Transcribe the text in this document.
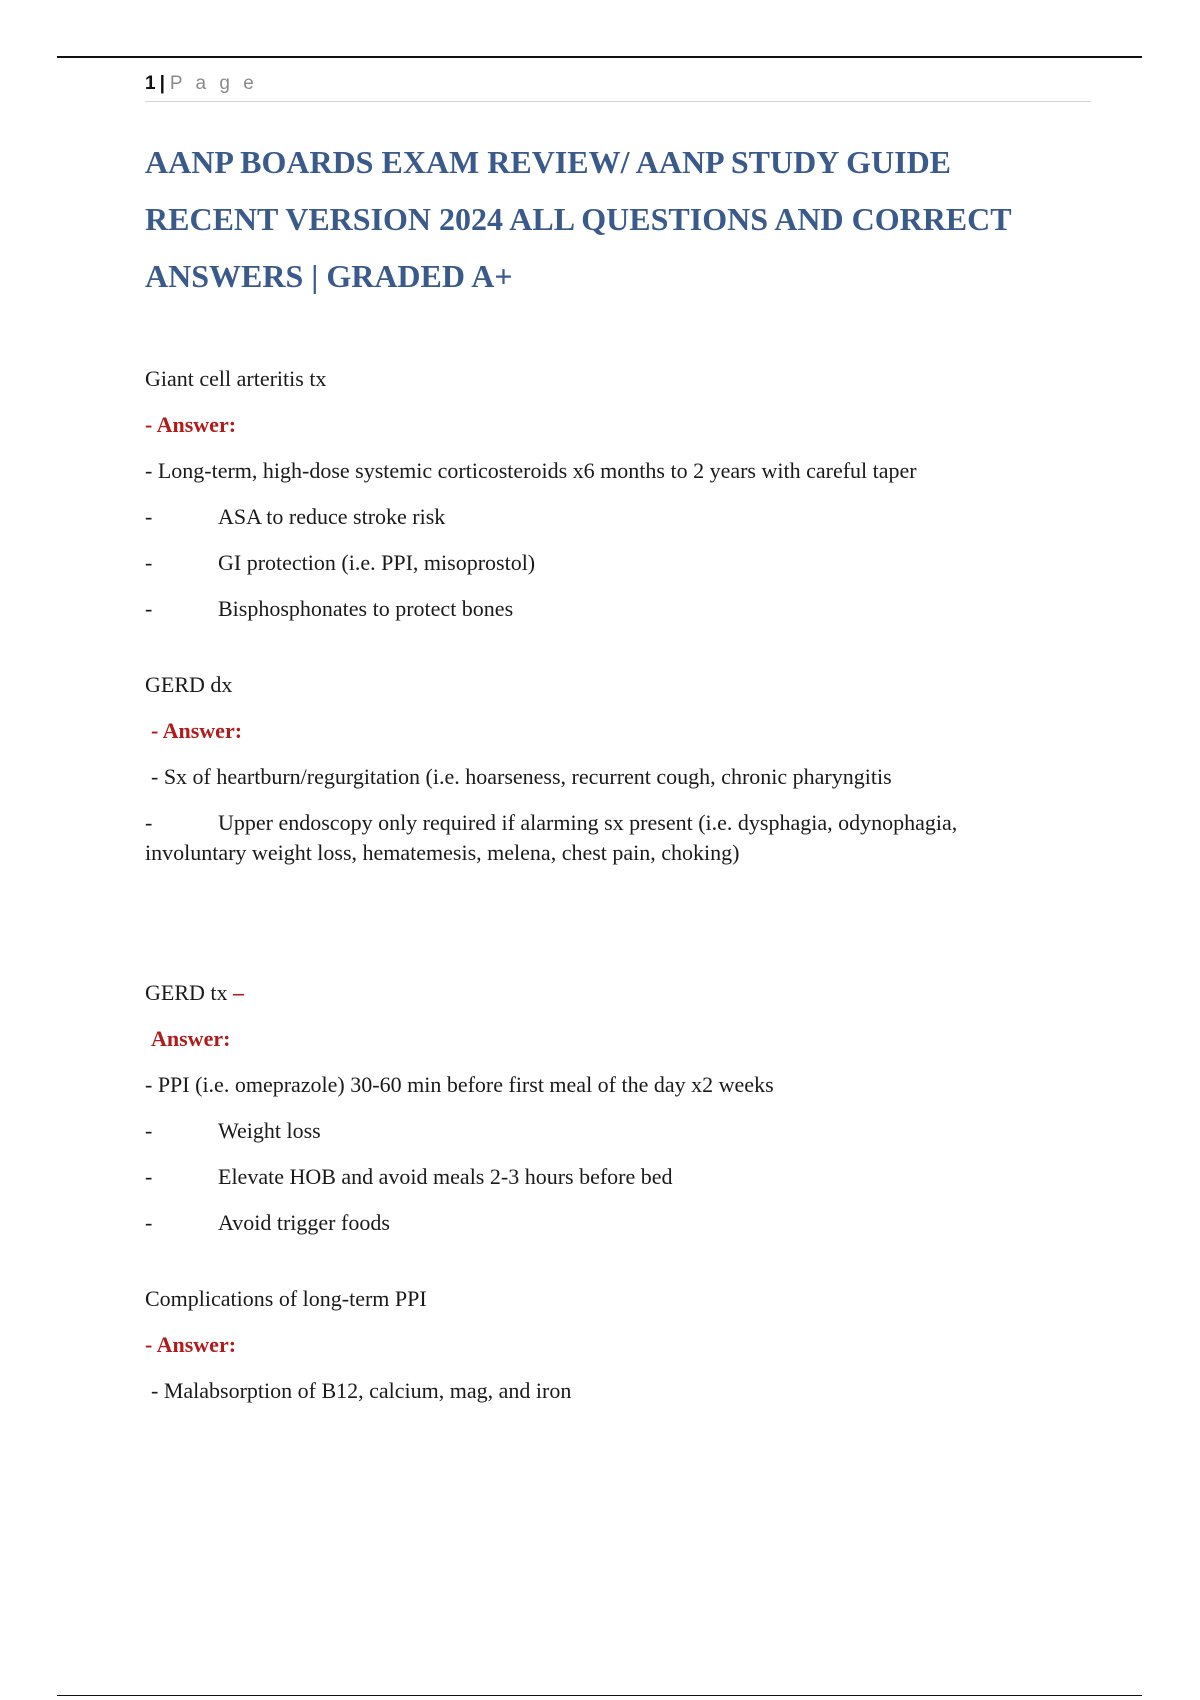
1 | P a g e
AANP BOARDS EXAM REVIEW/ AANP STUDY GUIDE
RECENT VERSION 2024 ALL QUESTIONS AND CORRECT
ANSWERS | GRADED A+

Giant cell arteritis tx

- Answer:

- Long-term, high-dose systemic corticosteroids x6 months to 2 years with careful taper

-	ASA to reduce stroke risk
-	GI protection (i.e. PPI, misoprostol)
-	Bisphosphonates to protect bones

GERD dx

- Answer:

- Sx of heartburn/regurgitation (i.e. hoarseness, recurrent cough, chronic pharyngitis

-	Upper endoscopy only required if alarming sx present (i.e. dysphagia, odynophagia,
involuntary weight loss, hematemesis, melena, chest pain, choking)

GERD tx –

Answer:

- PPI (i.e. omeprazole) 30-60 min before first meal of the day x2 weeks

-	Weight loss
-	Elevate HOB and avoid meals 2-3 hours before bed
-	Avoid trigger foods

Complications of long-term PPI

- Answer:

- Malabsorption of B12, calcium, mag, and iron
